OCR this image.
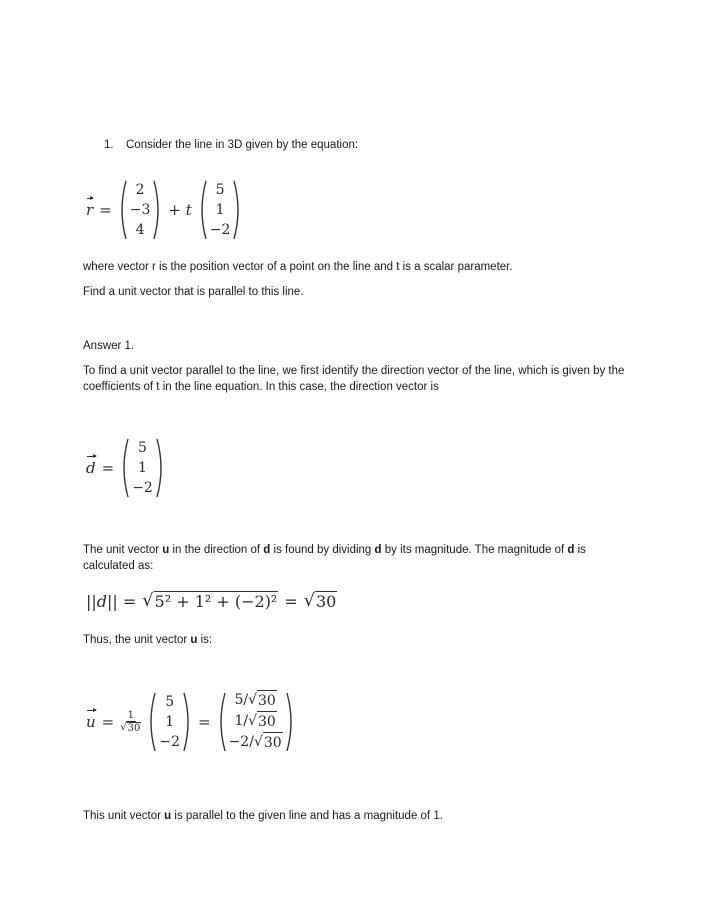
1. Consider the line in 3D given by the equation:
r =
2
−3
4
+ t
5
1
−2
where vector r is the position vector of a point on the line and t is a scalar parameter.
Find a unit vector that is parallel to this line.
Answer 1.
To find a unit vector parallel to the line, we first identify the direction vector of the line, which is given by the coefficients of t in the line equation. In this case, the direction vector is
d =
5
1
−2
The unit vector u in the direction of d is found by dividing d by its magnitude. The magnitude of d is calculated as:
||d|| = √ 5² + 1² + (−2)² = √ 30
Thus, the unit vector u is:
$u = \frac{1}{√ 30}$
5
1
−2
=
5/ √ 30
1/ √ 30
−2/ √ 30
This unit vector u is parallel to the given line and has a magnitude of 1.
